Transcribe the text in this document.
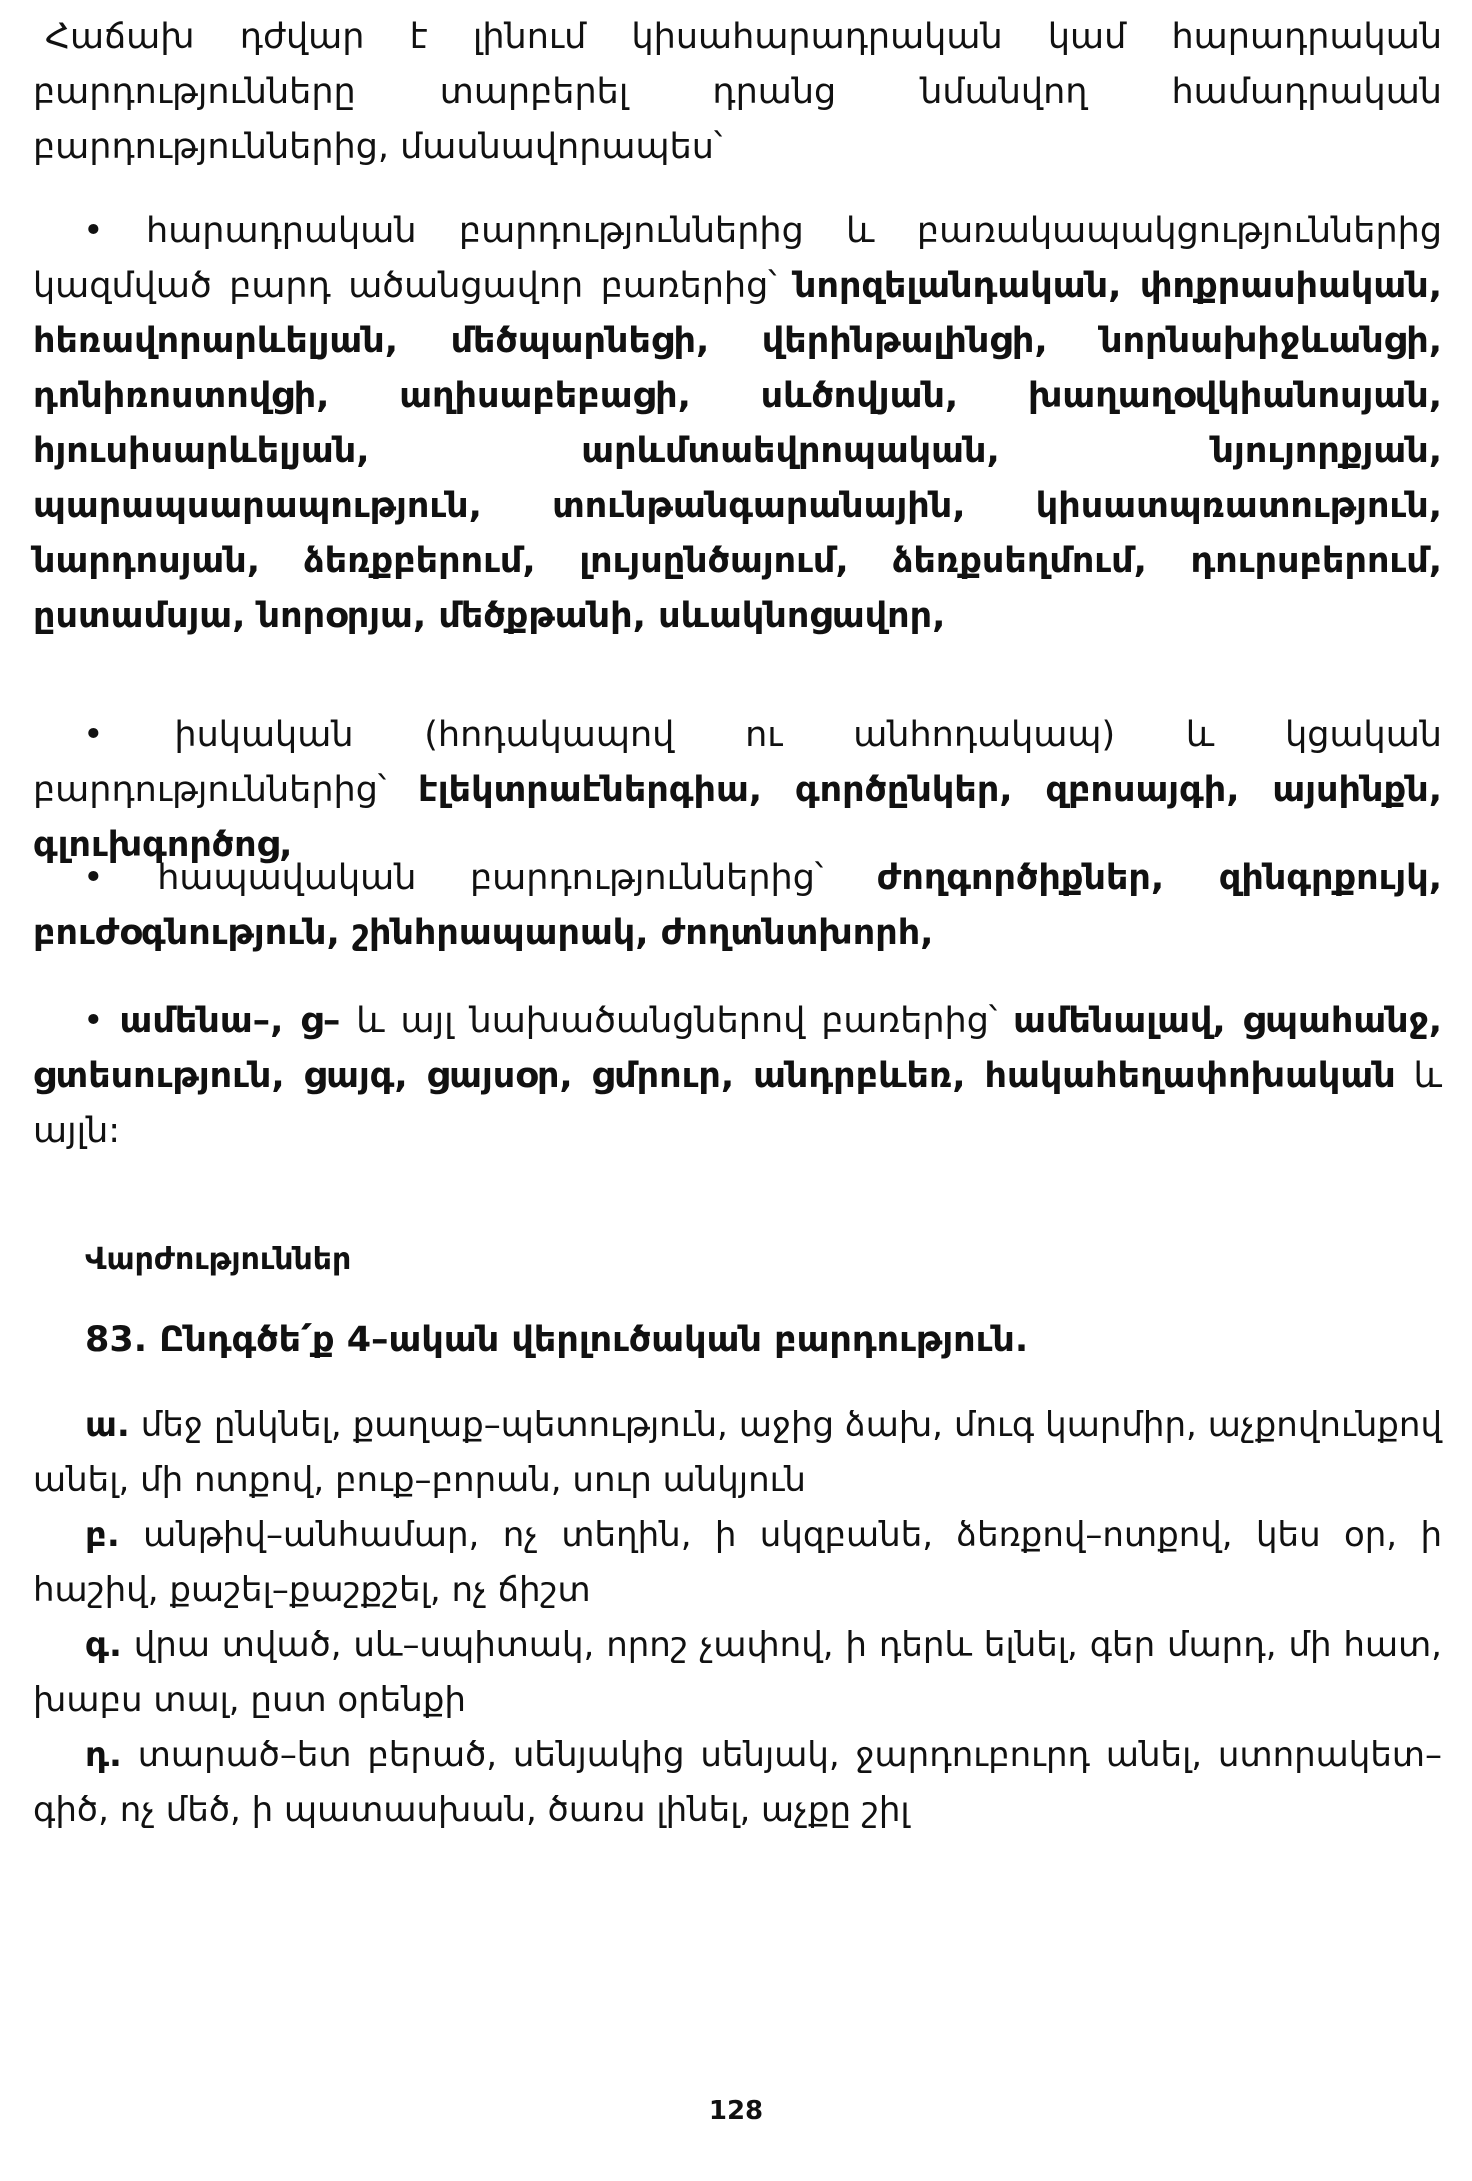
Հաճախ դժվար է լինում կիսահարադրական կամ հարադրական բարդությունները տարբերել դրանց նմանվող համադրական բարդություններից, մասնավորապես՝

• հարադրական բարդություններից և բառակապակցություններից կազմված բարդ ածանցավոր բառերից՝ նորզելանդական, փոքրասիական, հեռավորարևելյան, մեծպարնեցի, վերինթալինցի, նորնախիջևանցի, դոնիռոստովցի, աղիսաբեբացի, սևծովյան, խաղաղօվկիանոսյան, հյուսիսարևելյան, արևմտաեվրոպական, նյույորքյան, պարապսարապություն, տունթանգարանային, կիսատպռատություն, նարդոսյան, ձեռքբերում, լույսընծայում, ձեռքսեղմում, դուրսբերում, ըստամսյա, նորօրյա, մեծքթանի, սևակնոցավոր,

• իսկական (հոդակապով ու անհոդակապ) և կցական բարդություններից՝ էլեկտրաէներգիա, գործընկեր, զբոսայգի, այսինքն, գլուխգործոց,

• հապավական բարդություններից՝ ժողգործիքներ, զինգրքույկ, բուժօգնություն, շինհրապարակ, ժողտնտխորհ,

• ամենա–, ց– և այլ նախածանցներով բառերից՝ ամենալավ, ցպահանջ, ցտեսություն, ցայգ, ցայսօր, ցմրուր, անդրբևեռ, հակահեղափոխական և այլն:

Վարժություններ

83. Ընդգծե՛ք 4–ական վերլուծական բարդություն.

ա. մեջ ընկնել, քաղաք–պետություն, աջից ձախ, մուգ կարմիր, աչքովունքով անել, մի ոտքով, բուք–բորան, սուր անկյուն

բ. անթիվ–անհամար, ոչ տեղին, ի սկզբանե, ձեռքով–ոտքով, կես օր, ի հաշիվ, քաշել–քաշքշել, ոչ ճիշտ

գ. վրա տված, սև–սպիտակ, որոշ չափով, ի դերև ելնել, գեր մարդ, մի հատ, խաբս տալ, ըստ օրենքի

դ. տարած–ետ բերած, սենյակից սենյակ, ջարդուբուրդ անել, ստորակետ–գիծ, ոչ մեծ, ի պատասխան, ծառս լինել, աչքը շիլ

128
